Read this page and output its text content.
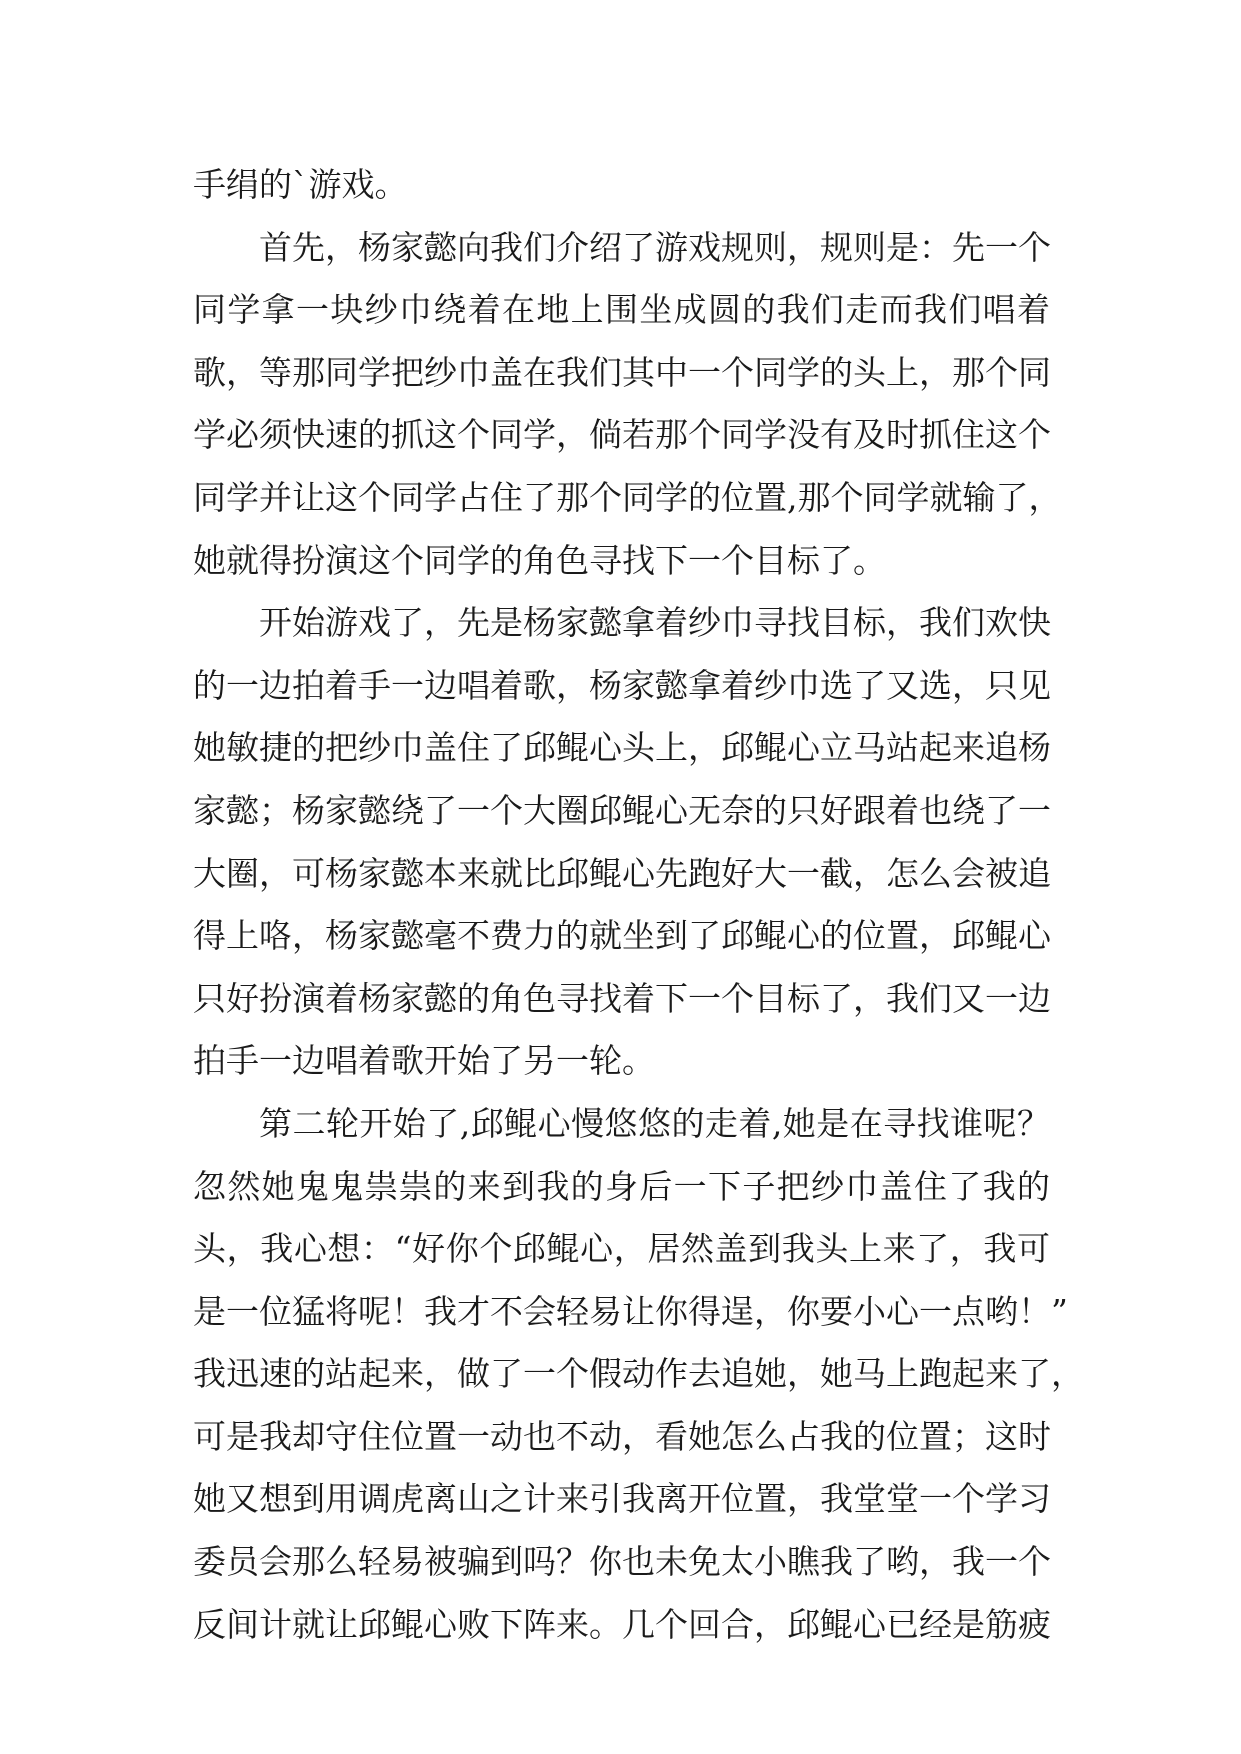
手绢的`游戏。
首先，杨家懿向我们介绍了游戏规则，规则是：先一个
同学拿一块纱巾绕着在地上围坐成圆的我们走而我们唱着
歌，等那同学把纱巾盖在我们其中一个同学的头上，那个同
学必须快速的抓这个同学，倘若那个同学没有及时抓住这个
同学并让这个同学占住了那个同学的位置,那个同学就输了，
她就得扮演这个同学的角色寻找下一个目标了。
开始游戏了，先是杨家懿拿着纱巾寻找目标，我们欢快
的一边拍着手一边唱着歌，杨家懿拿着纱巾选了又选，只见
她敏捷的把纱巾盖住了邱鲲心头上，邱鲲心立马站起来追杨
家懿；杨家懿绕了一个大圈邱鲲心无奈的只好跟着也绕了一
大圈，可杨家懿本来就比邱鲲心先跑好大一截，怎么会被追
得上咯，杨家懿毫不费力的就坐到了邱鲲心的位置，邱鲲心
只好扮演着杨家懿的角色寻找着下一个目标了，我们又一边
拍手一边唱着歌开始了另一轮。
第二轮开始了,邱鲲心慢悠悠的走着,她是在寻找谁呢？
忽然她鬼鬼祟祟的来到我的身后一下子把纱巾盖住了我的
头，我心想：“好你个邱鲲心，居然盖到我头上来了，我可
是一位猛将呢！我才不会轻易让你得逞，你要小心一点哟！”
我迅速的站起来，做了一个假动作去追她，她马上跑起来了，
可是我却守住位置一动也不动，看她怎么占我的位置；这时
她又想到用调虎离山之计来引我离开位置，我堂堂一个学习
委员会那么轻易被骗到吗？你也未免太小瞧我了哟，我一个
反间计就让邱鲲心败下阵来。几个回合，邱鲲心已经是筋疲
